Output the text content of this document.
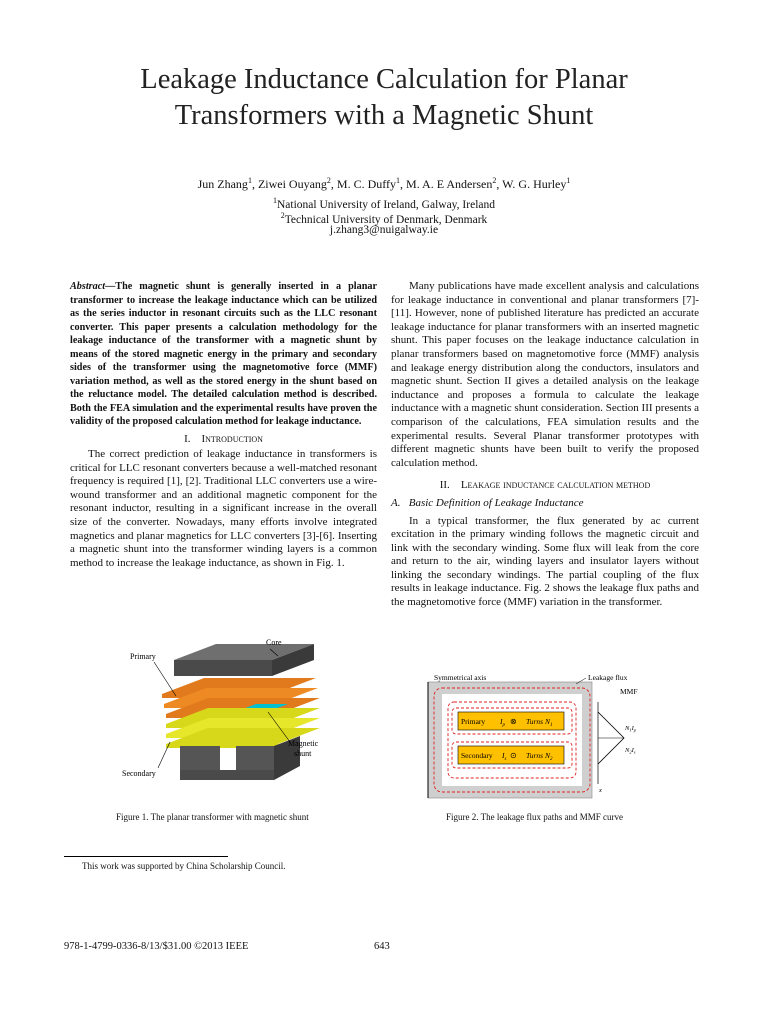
Leakage Inductance Calculation for Planar
Transformers with a Magnetic Shunt
Jun Zhang$^1$, Ziwei Ouyang$^2$, M. C. Duffy$^1$, M. A. E Andersen$^2$, W. G. Hurley$^1$
$^1$National University of Ireland, Galway, Ireland
$^2$Technical University of Denmark, Denmark
j.zhang3@nuigalway.ie

Abstract—The magnetic shunt is generally inserted in a planar transformer to increase the leakage inductance which can be utilized as the series inductor in resonant circuits such as the LLC resonant converter. This paper presents a calculation methodology for the leakage inductance of the transformer with a magnetic shunt by means of the stored magnetic energy in the primary and secondary sides of the transformer using the magnetomotive force (MMF) variation method, as well as the stored energy in the shunt based on the reluctance model. The detailed calculation method is described. Both the FEA simulation and the experimental results have proven the validity of the proposed calculation method for leakage inductance.

I. Introduction

The correct prediction of leakage inductance in transformers is critical for LLC resonant converters because a well-matched resonant frequency is required [1], [2]. Traditional LLC converters use a wire-wound transformer and an additional magnetic component for the resonant inductor, resulting in a significant increase in the overall size of the converter. Nowadays, many efforts involve integrated magnetics and planar magnetics for LLC converters [3]-[6]. Inserting a magnetic shunt into the transformer winding layers is a common method to increase the leakage inductance, as shown in Fig. 1.

Many publications have made excellent analysis and calculations for leakage inductance in conventional and planar transformers [7]-[11]. However, none of published literature has predicted an accurate leakage inductance for planar transformers with an inserted magnetic shunt. This paper focuses on the leakage inductance calculation in planar transformers based on magnetomotive force (MMF) analysis and leakage energy distribution along the conductors, insulators and magnetic shunt. Section II gives a detailed analysis on the leakage inductance and proposes a formula to calculate the leakage inductance with a magnetic shunt consideration. Section III presents a comparison of the calculations, FEA simulation results and the experimental results. Several Planar transformer prototypes with different magnetic shunts have been built to verify the proposed calculation method.

II. Leakage inductance calculation method
A. Basic Definition of Leakage Inductance

In a typical transformer, the flux generated by ac current excitation in the primary winding follows the magnetic circuit and link with the secondary winding. Some flux will leak from the core and return to the air, winding layers and insulator layers without linking the secondary windings. The partial coupling of the flux results in leakage inductance. Fig. 2 shows the leakage flux paths and the magnetomotive force (MMF) variation in the transformer.

Core
Primary
Magnetic
shunt
Secondary
Figure 1. The planar transformer with magnetic shunt
Primary $I_p$ ⊗ Turns $N_1$
Secondary $I_s$ ⊙ Turns $N_2$
Symmetrical axis	Leakage flux
MMF
$N_1I_p$
$N_2I_s$
x
Figure 2. The leakage flux paths and MMF curve
This work was supported by China Scholarship Council.
978-1-4799-0336-8/13/$31.00 ©2013 IEEE	643
